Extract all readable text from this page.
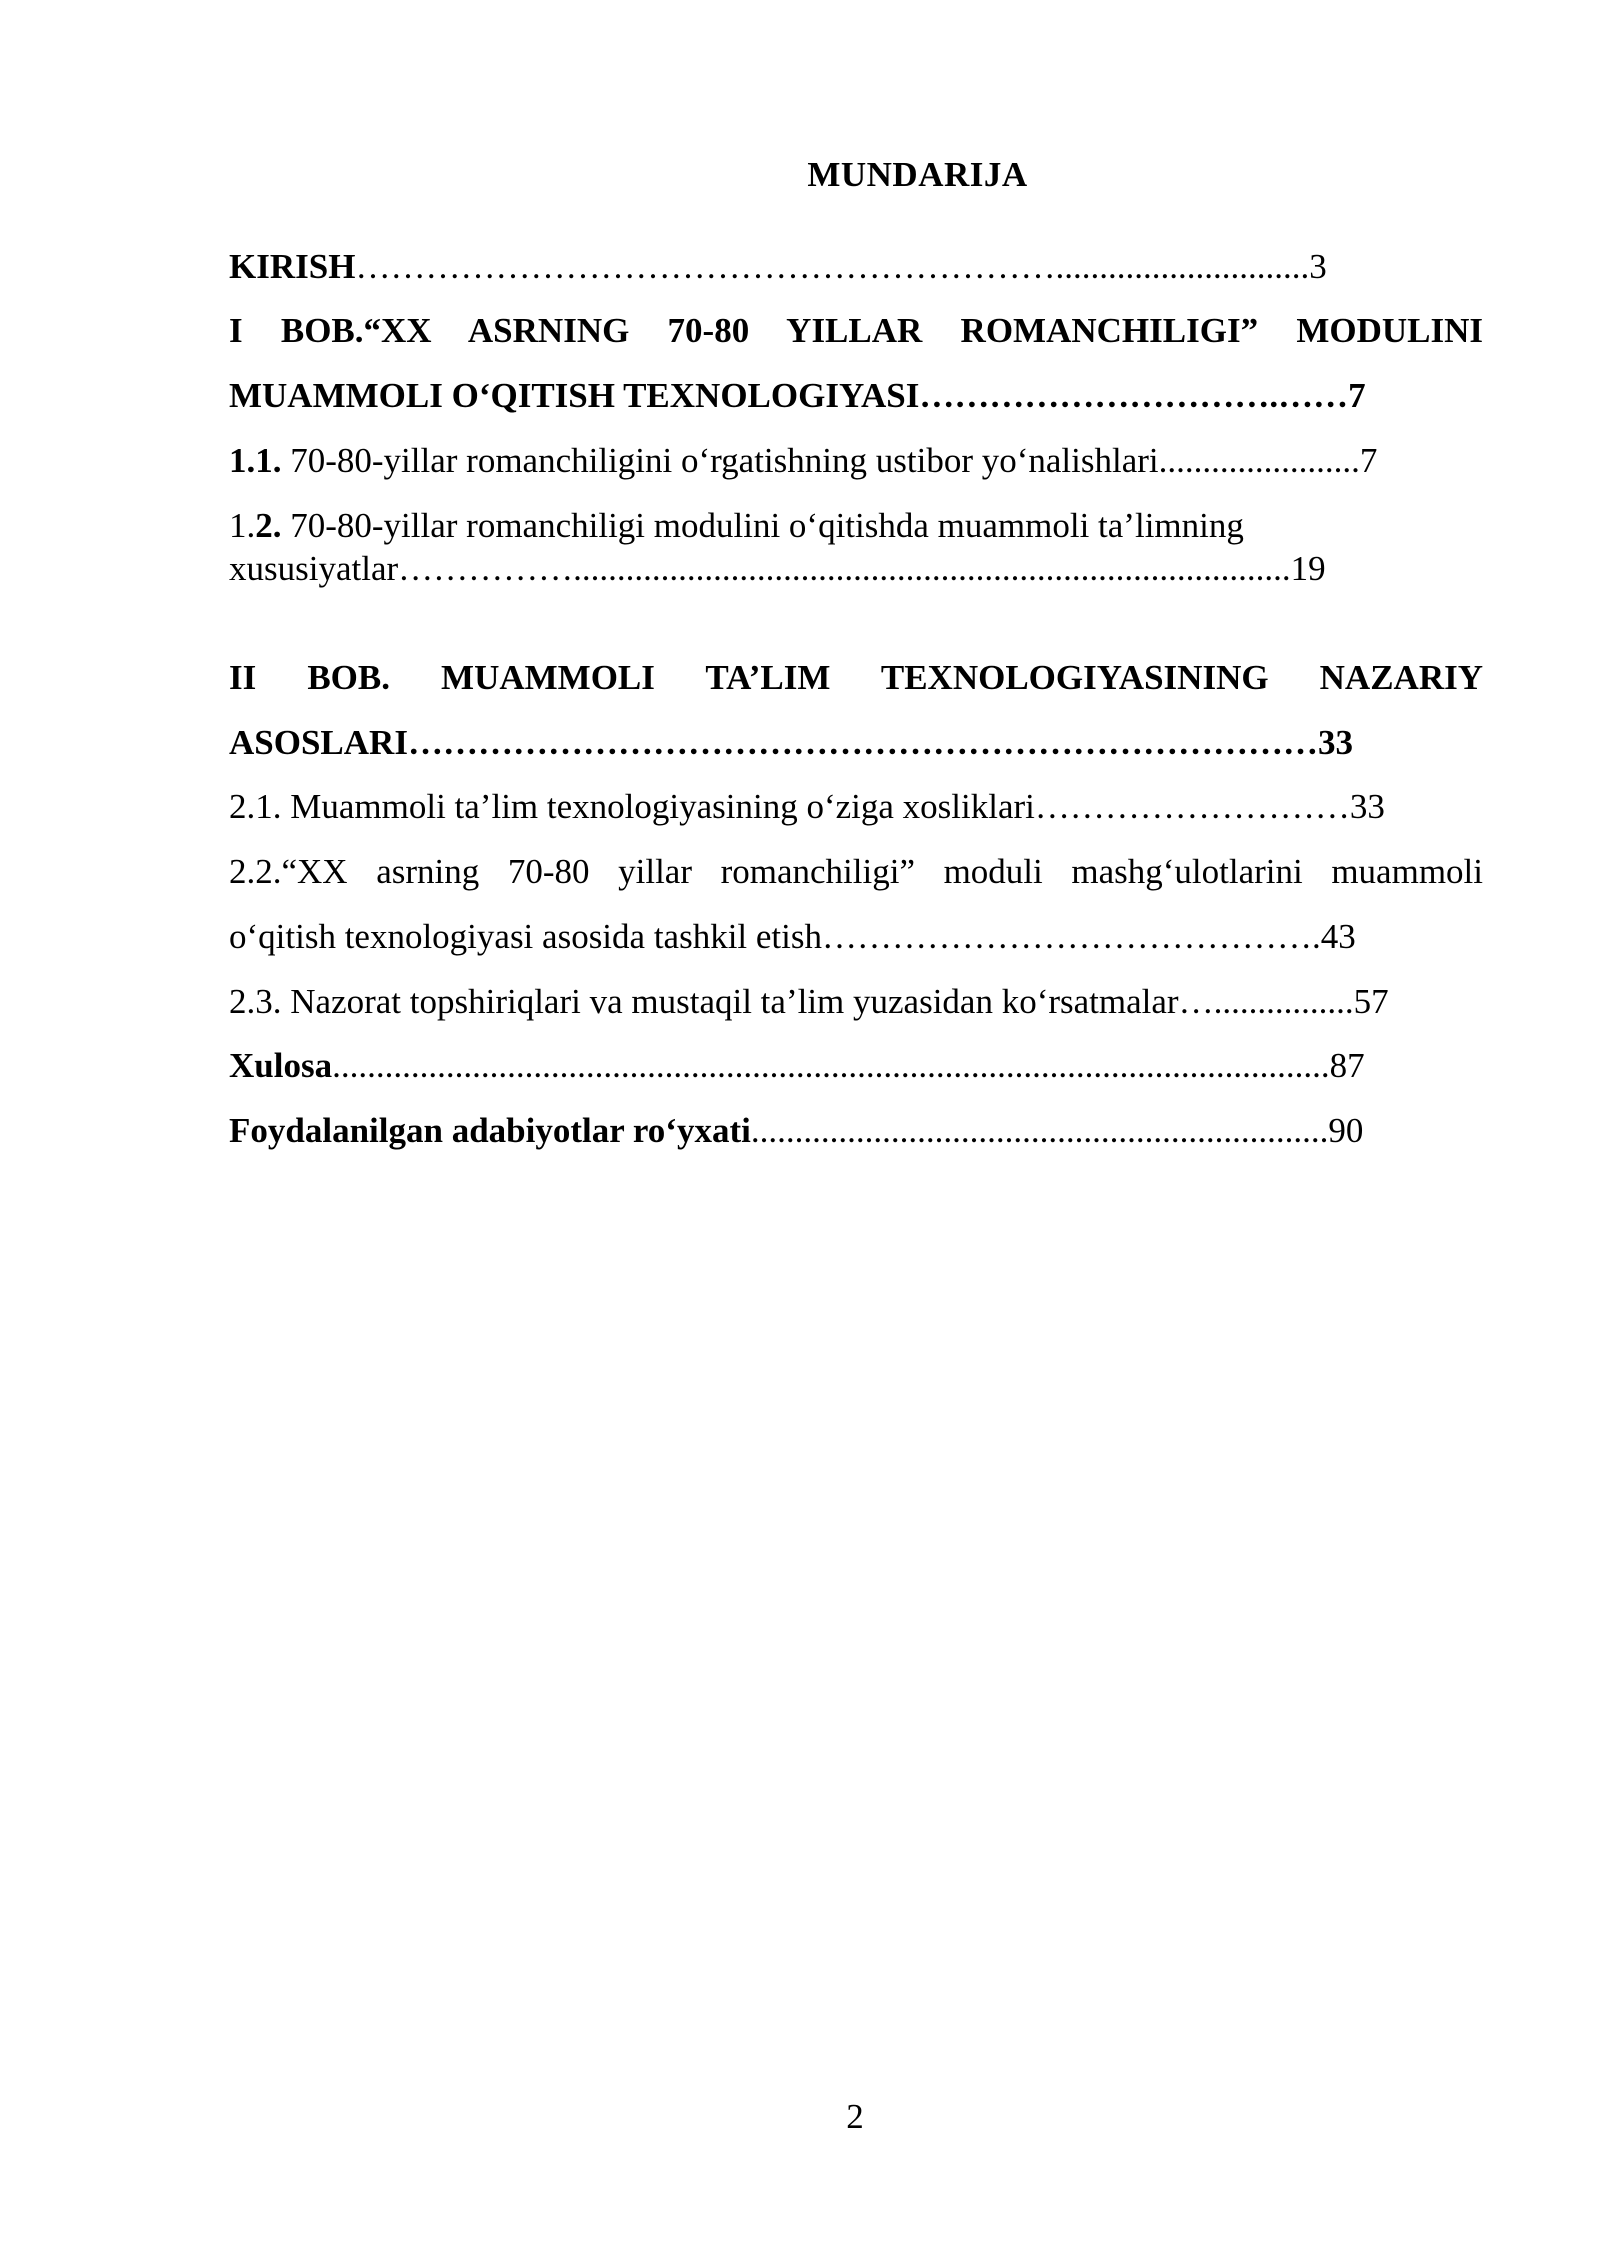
MUNDARIJA
KIRISH…………………………………………………….............................3
I BOB.“XX ASRNING 70-80 YILLAR ROMANCHILIGI” MODULINI
MUAMMOLI O‘QITISH TEXNOLOGIYASI………………………….……7
1.1. 70-80-yillar romanchiligini o‘rgatishning ustibor yo‘nalishlari.......................7
1.2. 70-80-yillar romanchiligi modulini o‘qitishda muammoli ta’limning
xususiyatlar……………..................................................................................19
II BOB. MUAMMOLI TA’LIM TEXNOLOGIYASINING NAZARIY
ASOSLARI……………………………………………………………………33
2.1. Muammoli ta’lim texnologiyasining o‘ziga xosliklari………………………33
2.2.“XX asrning 70-80 yillar romanchiligi” moduli mashg‘ulotlarini muammoli
o‘qitish texnologiyasi asosida tashkil etish…………………………………….43
2.3. Nazorat topshiriqlari va mustaqil ta’lim yuzasidan ko‘rsatmalar…................57
Xulosa..................................................................................................................87
Foydalanilgan adabiyotlar ro‘yxati..................................................................90
2
